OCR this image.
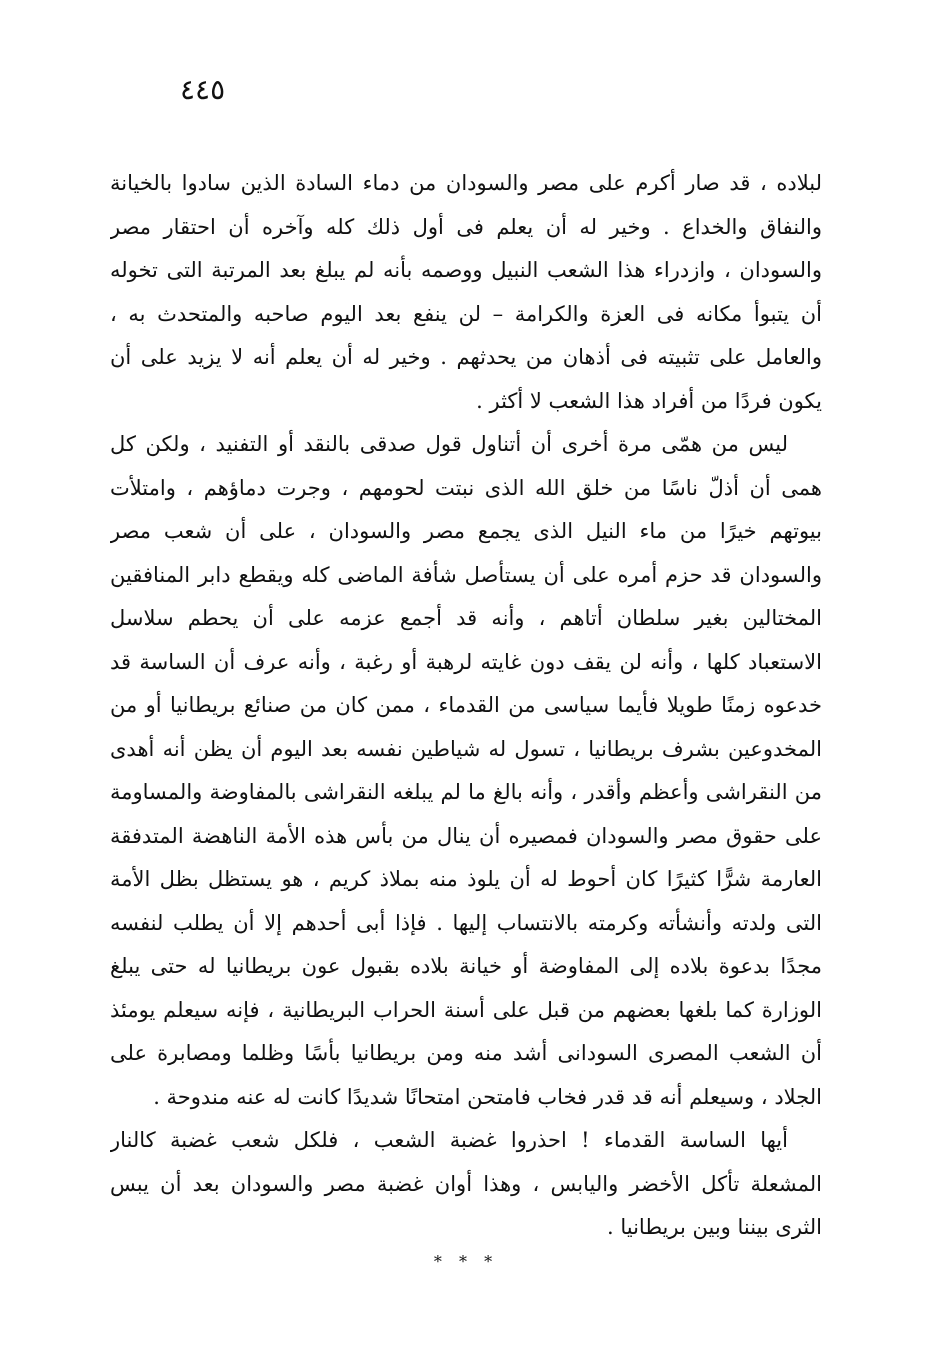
٤٤٥
لبلاده ، قد صار أكرم على مصر والسودان من دماء السادة الذين سادوا بالخيانة
والنفاق والخداع . وخير له أن يعلم فى أول ذلك كله وآخره أن احتقار مصر
والسودان ، وازدراء هذا الشعب النبيل ووصمه بأنه لم يبلغ بعد المرتبة التى تخوله
أن يتبوأ مكانه فى العزة والكرامة – لن ينفع بعد اليوم صاحبه والمتحدث به ،
والعامل على تثبيته فى أذهان من يحدثهم . وخير له أن يعلم أنه لا يزيد على أن
يكون فردًا من أفراد هذا الشعب لا أكثر .
ليس من همّى مرة أخرى أن أتناول قول صدقى بالنقد أو التفنيد ، ولكن كل
همى أن أذلّ ناسًا من خلق الله الذى نبتت لحومهم ، وجرت دماؤهم ، وامتلأت
بيوتهم خيرًا من ماء النيل الذى يجمع مصر والسودان ، على أن شعب مصر
والسودان قد حزم أمره على أن يستأصل شأفة الماضى كله ويقطع دابر المنافقين
المختالين بغير سلطان أتاهم ، وأنه قد أجمع عزمه على أن يحطم سلاسل
الاستعباد كلها ، وأنه لن يقف دون غايته لرهبة أو رغبة ، وأنه عرف أن الساسة قد
خدعوه زمنًا طويلا فأيما سياسى من القدماء ، ممن كان من صنائع بريطانيا أو من
المخدوعين بشرف بريطانيا ، تسول له شياطين نفسه بعد اليوم أن يظن أنه أهدى
من النقراشى وأعظم وأقدر ، وأنه بالغ ما لم يبلغه النقراشى بالمفاوضة والمساومة
على حقوق مصر والسودان فمصيره أن ينال من بأس هذه الأمة الناهضة المتدفقة
العارمة شرًّا كثيرًا كان أحوط له أن يلوذ منه بملاذ كريم ، هو يستظل بظل الأمة
التى ولدته وأنشأته وكرمته بالانتساب إليها . فإذا أبى أحدهم إلا أن يطلب لنفسه
مجدًا بدعوة بلاده إلى المفاوضة أو خيانة بلاده بقبول عون بريطانيا له حتى يبلغ
الوزارة كما بلغها بعضهم من قبل على أسنة الحراب البريطانية ، فإنه سيعلم يومئذ
أن الشعب المصرى السودانى أشد منه ومن بريطانيا بأسًا وظلما ومصابرة على
الجلاد ، وسيعلم أنه قد قدر فخاب فامتحن امتحانًا شديدًا كانت له عنه مندوحة .
أيها الساسة القدماء ! احذروا غضبة الشعب ، فلكل شعب غضبة كالنار
المشعلة تأكل الأخضر واليابس ، وهذا أوان غضبة مصر والسودان بعد أن يبس
الثرى بيننا وبين بريطانيا .
* * *
